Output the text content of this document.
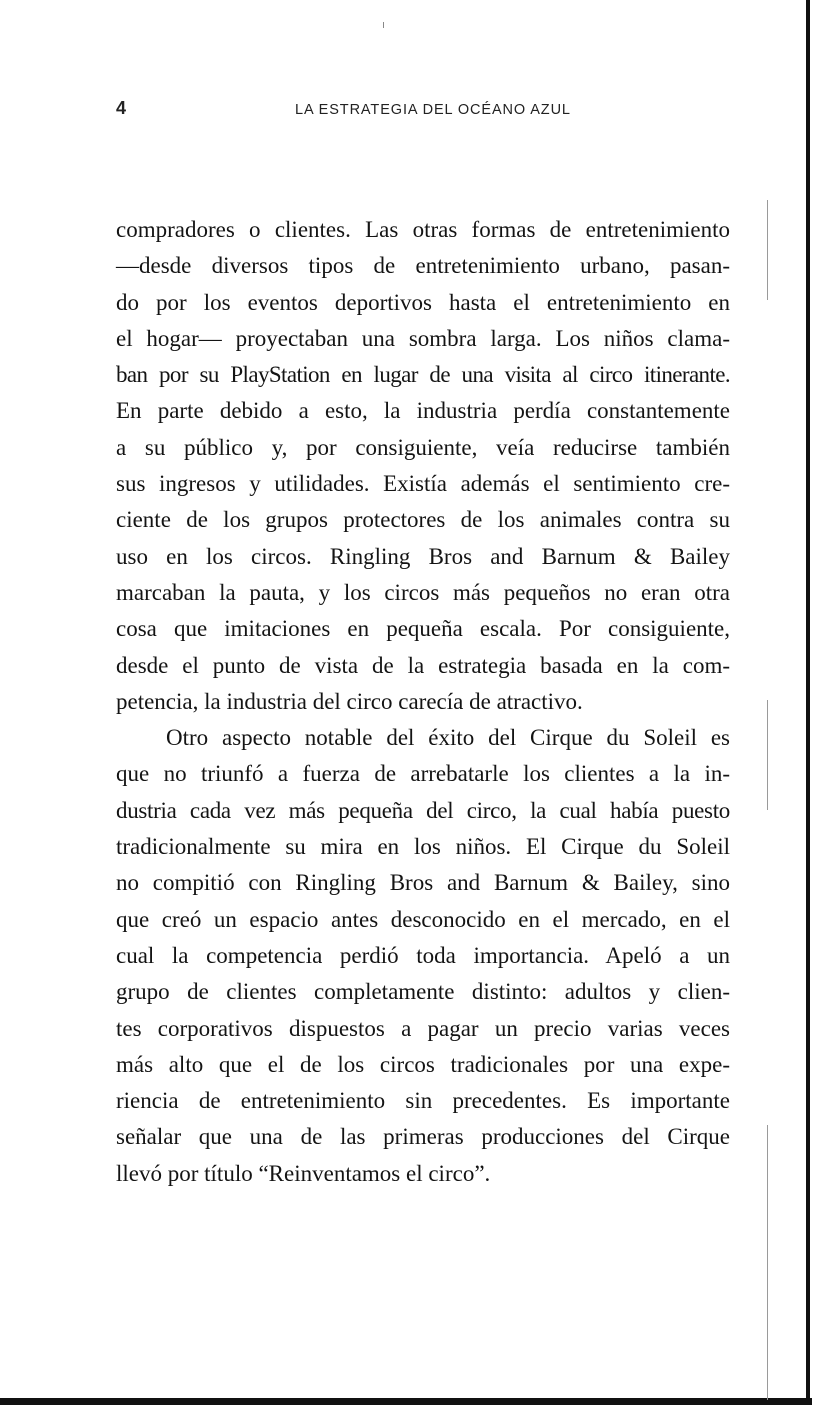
4	LA ESTRATEGIA DEL OCÉANO AZUL
compradores o clientes. Las otras formas de entretenimiento
—desde diversos tipos de entretenimiento urbano, pasan-
do por los eventos deportivos hasta el entretenimiento en
el hogar— proyectaban una sombra larga. Los niños clama-
ban por su PlayStation en lugar de una visita al circo itinerante.
En parte debido a esto, la industria perdía constantemente
a su público y, por consiguiente, veía reducirse también
sus ingresos y utilidades. Existía además el sentimiento cre-
ciente de los grupos protectores de los animales contra su
uso en los circos. Ringling Bros and Barnum & Bailey
marcaban la pauta, y los circos más pequeños no eran otra
cosa que imitaciones en pequeña escala. Por consiguiente,
desde el punto de vista de la estrategia basada en la com-
petencia, la industria del circo carecía de atractivo.
Otro aspecto notable del éxito del Cirque du Soleil es
que no triunfó a fuerza de arrebatarle los clientes a la in-
dustria cada vez más pequeña del circo, la cual había puesto
tradicionalmente su mira en los niños. El Cirque du Soleil
no compitió con Ringling Bros and Barnum & Bailey, sino
que creó un espacio antes desconocido en el mercado, en el
cual la competencia perdió toda importancia. Apeló a un
grupo de clientes completamente distinto: adultos y clien-
tes corporativos dispuestos a pagar un precio varias veces
más alto que el de los circos tradicionales por una expe-
riencia de entretenimiento sin precedentes. Es importante
señalar que una de las primeras producciones del Cirque
llevó por título “Reinventamos el circo”.
